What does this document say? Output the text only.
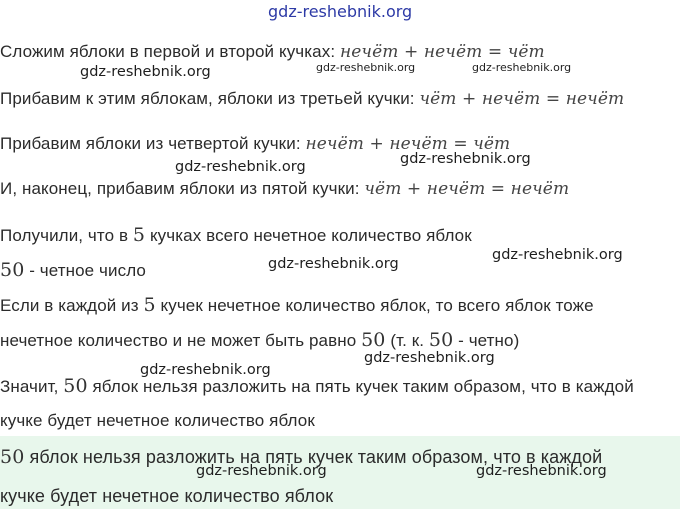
gdz-reshebnik.org
Сложим яблоки в первой и второй кучках: нечёт + нечёт = чёт
gdz-reshebnik.org	gdz-reshebnik.org	gdz-reshebnik.org
Прибавим к этим яблокам, яблоки из третьей кучки: чёт + нечёт = нечёт
Прибавим яблоки из четвертой кучки: нечёт + нечёт = чёт
gdz-reshebnik.org
gdz-reshebnik.org
И, наконец, прибавим яблоки из пятой кучки: чёт + нечёт = нечёт
Получили, что в 5 кучках всего нечетное количество яблок
50 - четное число	gdz-reshebnik.org
gdz-reshebnik.org
Если в каждой из 5 кучек нечетное количество яблок, то всего яблок тоже
нечетное количество и не может быть равно 50 (т. к. 50 - четно)
gdz-reshebnik.org
gdz-reshebnik.org
Значит, 50 яблок нельзя разложить на пять кучек таким образом, что в каждой
кучке будет нечетное количество яблок
50 яблок нельзя разложить на пять кучек таким образом, что в каждой
gdz-reshebnik.org	gdz-reshebnik.org
кучке будет нечетное количество яблок
